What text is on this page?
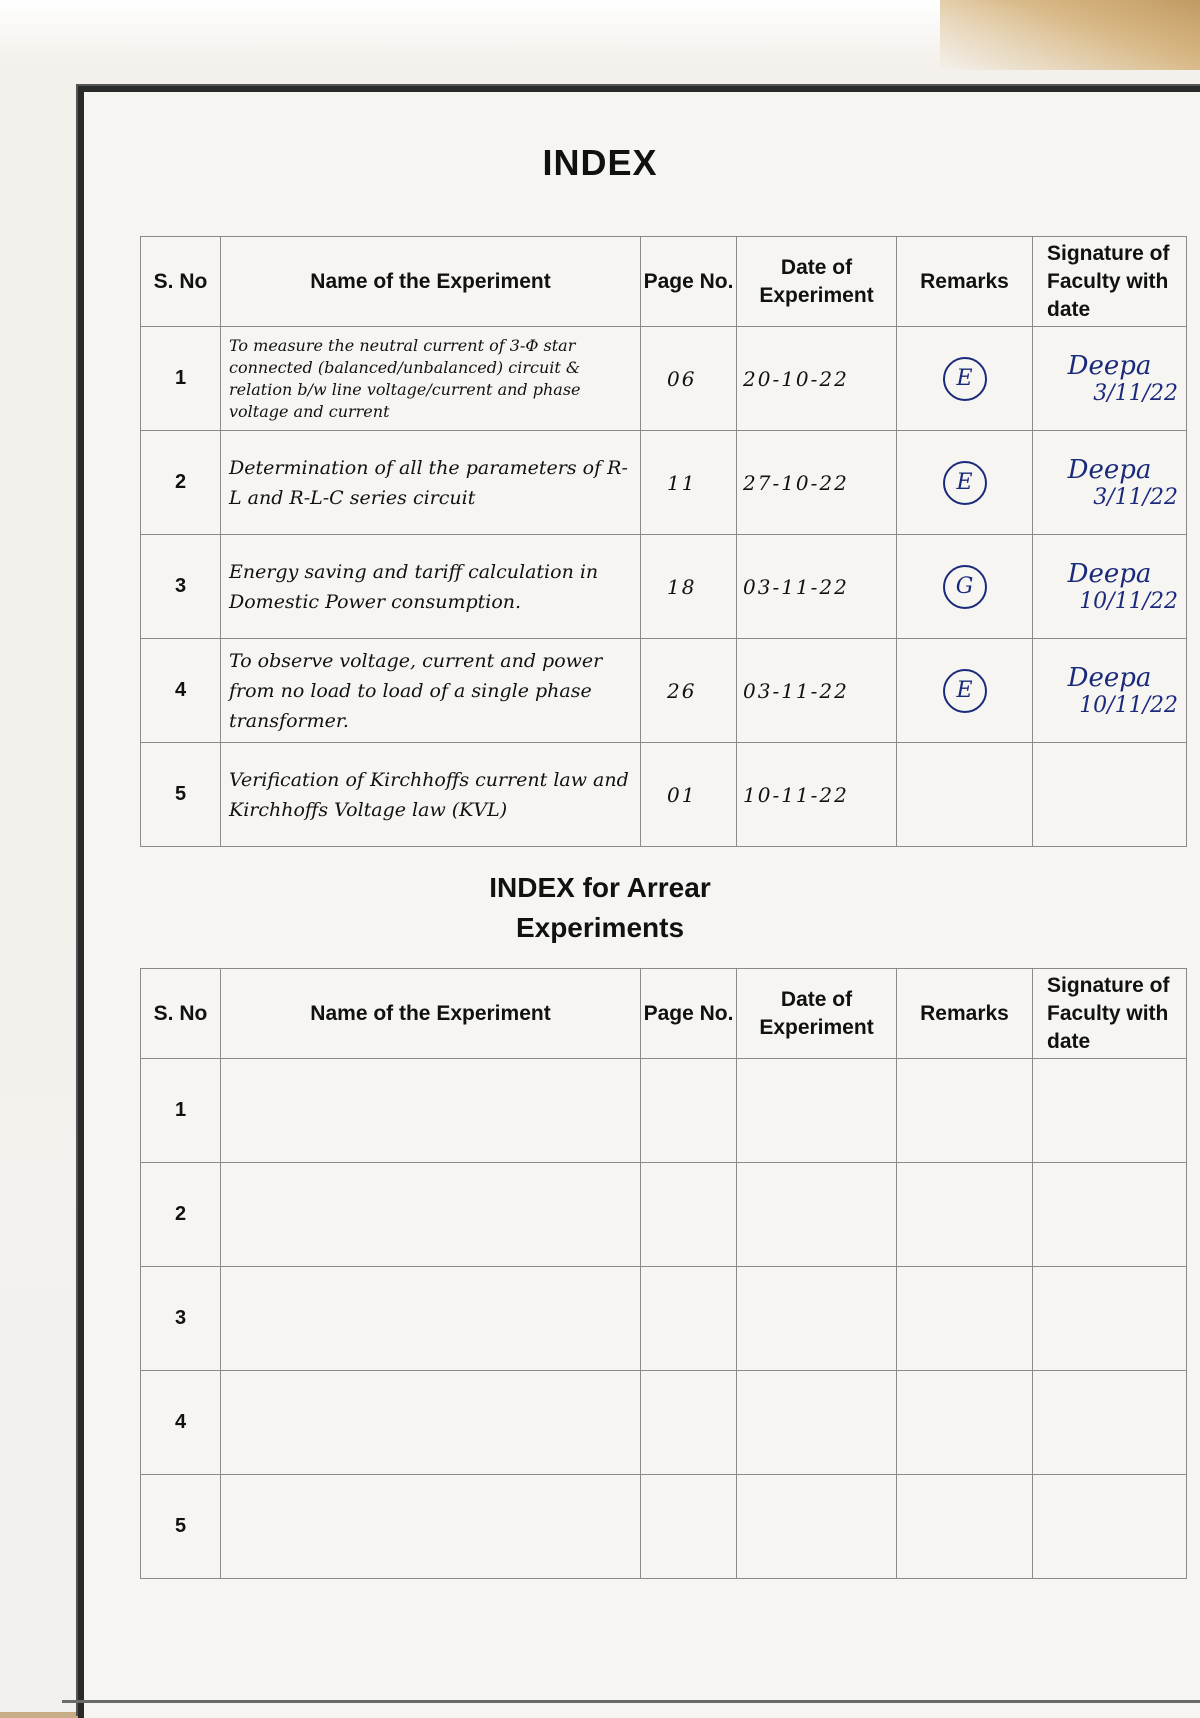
INDEX
S. No	Name of the Experiment	Page No.	Date of Experiment	Remarks	Signature of Faculty with date
1	To measure the neutral current of 3-Φ star connected (balanced/unbalanced) circuit & relation b/w line voltage/current and phase voltage and current	06	20-10-22	E	Deepa
3/11/22

2	Determination of all the parameters of R-L and R-L-C series circuit	11	27-10-22	E	Deepa
3/11/22

3	Energy saving and tariff calculation in Domestic Power consumption.	18	03-11-22	G	Deepa
10/11/22

4	To observe voltage, current and power from no load to load of a single phase transformer.	26	03-11-22	E	Deepa
10/11/22

5	Verification of Kirchhoffs current law and Kirchhoffs Voltage law (KVL)	01	10-11-22		
INDEX for Arrear
Experiments
S. No	Name of the Experiment	Page No.	Date of Experiment	Remarks	Signature of Faculty with date
1					
2					
3					
4					
5					
